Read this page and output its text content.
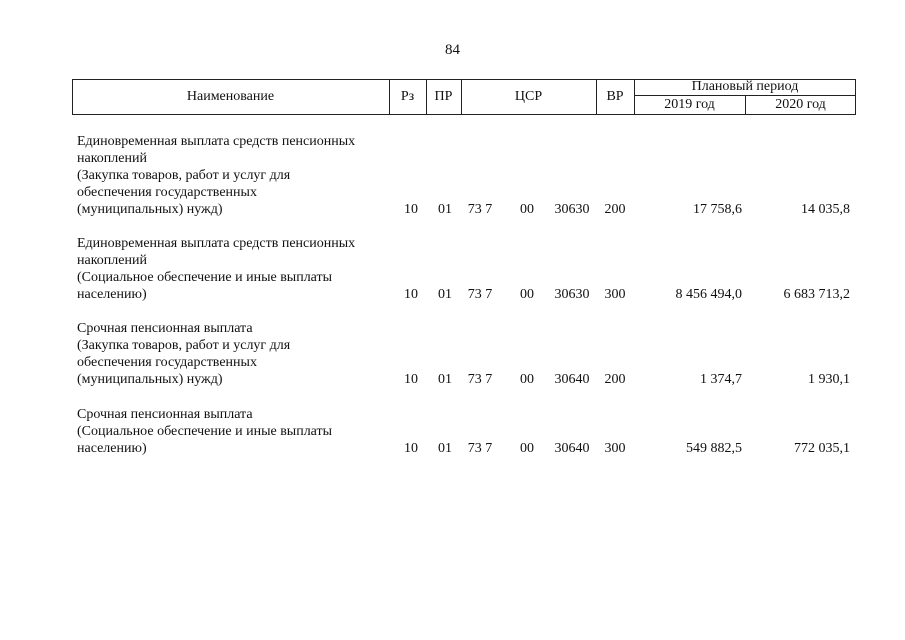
84
Наименование	Рз	ПР	ЦСР	ВР
Плановый период
2019 год	2020 год
Единовременная выплата средств пенсионных
накоплений
(Закупка товаров, работ и услуг для
обеспечения государственных
(муниципальных) нужд)	10	01	73 7	00	30630	200	17 758,6	14 035,8
Единовременная выплата средств пенсионных
накоплений
(Социальное обеспечение и иные выплаты
населению)	10	01	73 7	00	30630	300	8 456 494,0	6 683 713,2
Срочная пенсионная выплата
(Закупка товаров, работ и услуг для
обеспечения государственных
(муниципальных) нужд)	10	01	73 7	00	30640	200	1 374,7	1 930,1
Срочная пенсионная выплата
(Социальное обеспечение и иные выплаты
населению)	10	01	73 7	00	30640	300	549 882,5	772 035,1
